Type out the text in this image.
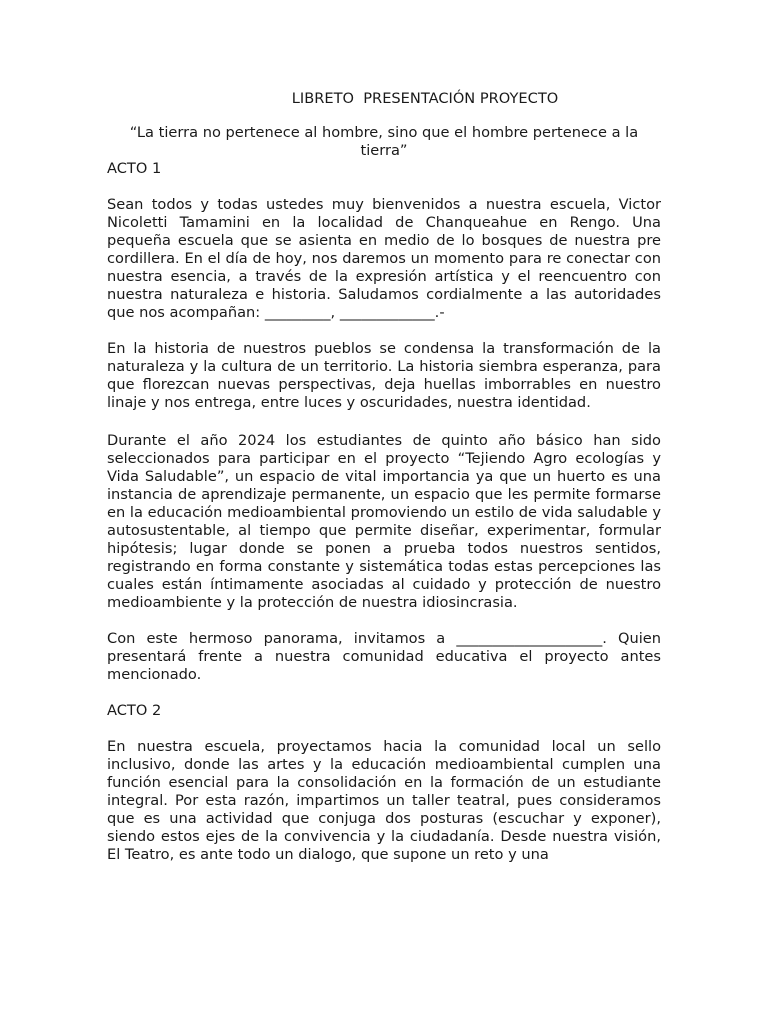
LIBRETO  PRESENTACIÓN PROYECTO

“La tierra no pertenece al hombre, sino que el hombre pertenece a la tierra”

ACTO 1

Sean todos y todas ustedes muy bienvenidos a nuestra escuela, Victor Nicoletti Tamamini en la localidad de Chanqueahue en Rengo. Una pequeña escuela que se asienta en medio de lo bosques de nuestra pre cordillera. En el día de hoy, nos daremos un momento para re conectar con nuestra esencia, a través de la expresión artística y el reencuentro con nuestra naturaleza e historia. Saludamos cordialmente a las autoridades que nos acompañan: _________, _____________.-

En la historia de nuestros pueblos se condensa la transformación de la naturaleza y la cultura de un territorio. La historia siembra esperanza, para que florezcan nuevas perspectivas, deja huellas imborrables en nuestro linaje y nos entrega, entre luces y oscuridades, nuestra identidad.

Durante el año 2024 los estudiantes de quinto año básico han sido seleccionados para participar en el proyecto “Tejiendo Agro ecologías y Vida Saludable”, un espacio de vital importancia ya que un huerto es una instancia de aprendizaje permanente, un espacio que les permite formarse en la educación medioambiental promoviendo un estilo de vida saludable y autosustentable, al tiempo que permite diseñar, experimentar, formular hipótesis; lugar donde se ponen a prueba todos nuestros sentidos, registrando en forma constante y sistemática todas estas percepciones las cuales están íntimamente asociadas al cuidado y protección de nuestro medioambiente y la protección de nuestra idiosincrasia.

Con este hermoso panorama, invitamos a ____________________. Quien presentará frente a nuestra comunidad educativa el proyecto antes mencionado.

ACTO 2

En nuestra escuela, proyectamos hacia la comunidad local un sello inclusivo, donde las artes y la educación medioambiental cumplen una función esencial para la consolidación en la formación de un estudiante integral. Por esta razón, impartimos un taller teatral, pues consideramos que es una actividad que conjuga dos posturas (escuchar y exponer), siendo estos ejes de la convivencia y la ciudadanía. Desde nuestra visión, El Teatro, es ante todo un dialogo, que supone un reto y una
